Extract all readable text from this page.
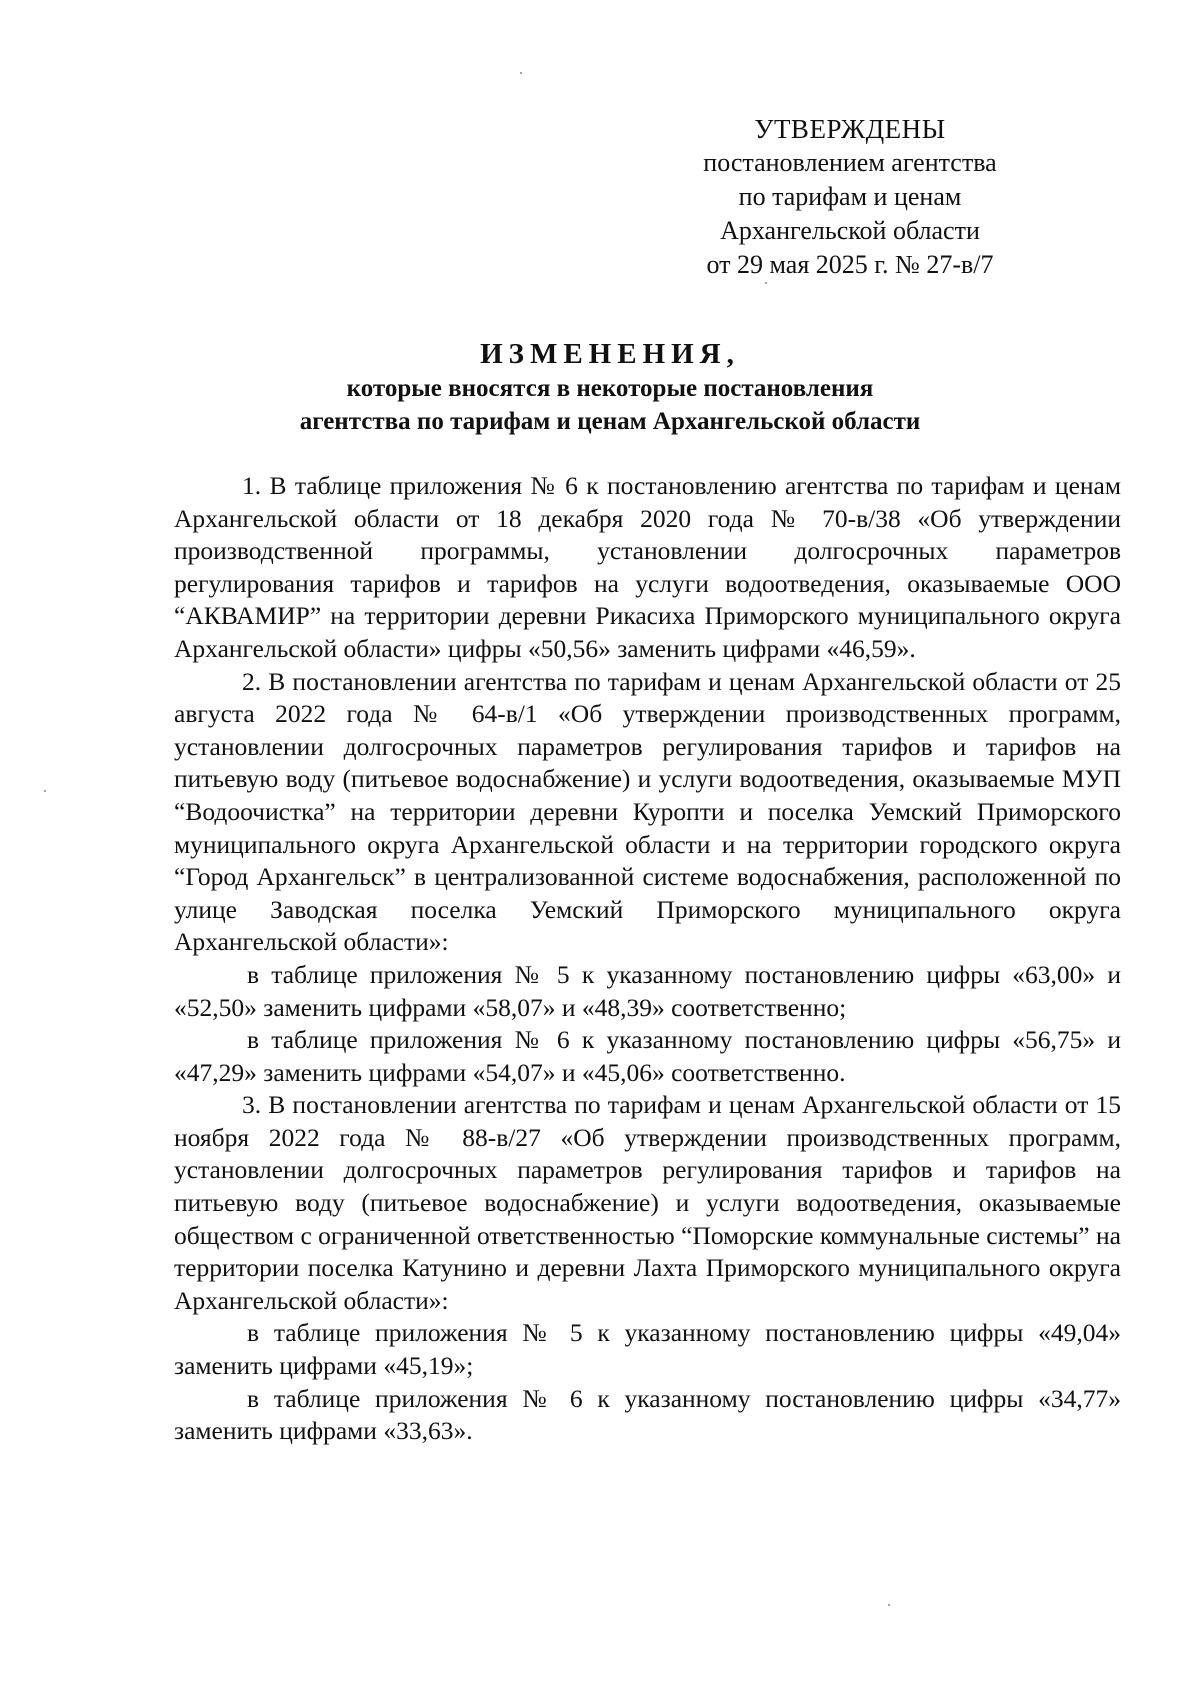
УТВЕРЖДЕНЫ
постановлением агентства
по тарифам и ценам
Архангельской области
от 29 мая 2025 г. № 27-в/7
ИЗМЕНЕНИЯ,
которые вносятся в некоторые постановления
агентства по тарифам и ценам Архангельской области

1. В таблице приложения № 6 к постановлению агентства по тарифам и ценам Архангельской области от 18 декабря 2020 года № 70-в/38 «Об утверждении производственной программы, установлении долгосрочных параметров регулирования тарифов и тарифов на услуги водоотведения, оказываемые ООО “АКВАМИР” на территории деревни Рикасиха Приморского муниципального округа Архангельской области» цифры «50,56» заменить цифрами «46,59».

2. В постановлении агентства по тарифам и ценам Архангельской области от 25 августа 2022 года № 64-в/1 «Об утверждении производственных программ, установлении долгосрочных параметров регулирования тарифов и тарифов на питьевую воду (питьевое водоснабжение) и услуги водоотведения, оказываемые МУП “Водоочистка” на территории деревни Куропти и поселка Уемский Приморского муниципального округа Архангельской области и на территории городского округа “Город Архангельск” в централизованной системе водоснабжения, расположенной по улице Заводская поселка Уемский Приморского муниципального округа Архангельской области»:

в таблице приложения № 5 к указанному постановлению цифры «63,00» и «52,50» заменить цифрами «58,07» и «48,39» соответственно;

в таблице приложения № 6 к указанному постановлению цифры «56,75» и «47,29» заменить цифрами «54,07» и «45,06» соответственно.

3. В постановлении агентства по тарифам и ценам Архангельской области от 15 ноября 2022 года № 88-в/27 «Об утверждении производственных программ, установлении долгосрочных параметров регулирования тарифов и тарифов на питьевую воду (питьевое водоснабжение) и услуги водоотведения, оказываемые обществом с ограниченной ответственностью “Поморские коммунальные системы” на территории поселка Катунино и деревни Лахта Приморского муниципального округа Архангельской области»:

в таблице приложения № 5 к указанному постановлению цифры «49,04» заменить цифрами «45,19»;

в таблице приложения № 6 к указанному постановлению цифры «34,77» заменить цифрами «33,63».
